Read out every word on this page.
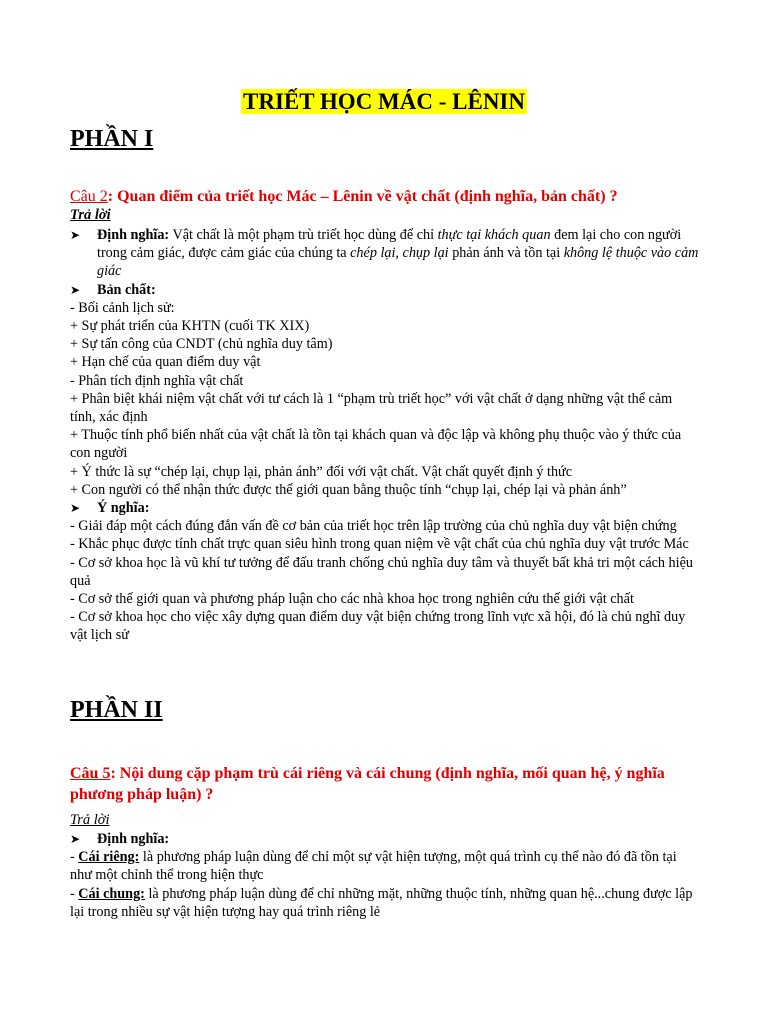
TRIẾT HỌC MÁC - LÊNIN
PHẦN I
Câu 2: Quan điểm của triết học Mác – Lênin về vật chất (định nghĩa, bản chất) ?
Trả lời

➤ Định nghĩa: Vật chất là một phạm trù triết học dùng để chỉ thực tại khách quan đem lại cho con người trong cảm giác, được cảm giác của chúng ta chép lại, chụp lại phản ánh và tồn tại không lệ thuộc vào cảm giác

➤ Bản chất:

- Bối cảnh lịch sử:

+ Sự phát triển của KHTN (cuối TK XIX)

+ Sự tấn công của CNDT (chủ nghĩa duy tâm)

+ Hạn chế của quan điểm duy vật

- Phân tích định nghĩa vật chất

+ Phân biệt khái niệm vật chất với tư cách là 1 “phạm trù triết học” với vật chất ở dạng những vật thể cảm tính, xác định

+ Thuộc tính phổ biến nhất của vật chất là tồn tại khách quan và độc lập và không phụ thuộc vào ý thức của con người

+ Ý thức là sự “chép lại, chụp lại, phản ánh” đối với vật chất. Vật chất quyết định ý thức

+ Con người có thể nhận thức được thế giới quan bằng thuộc tính “chụp lại, chép lại và phản ánh”

➤ Ý nghĩa:

- Giải đáp một cách đúng đắn vấn đề cơ bản của triết học trên lập trường của chủ nghĩa duy vật biện chứng

- Khắc phục được tính chất trực quan siêu hình trong quan niệm về vật chất của chủ nghĩa duy vật trước Mác

- Cơ sở khoa học là vũ khí tư tưởng để đấu tranh chống chủ nghĩa duy tâm và thuyết bất khả tri một cách hiệu quả

- Cơ sở thế giới quan và phương pháp luận cho các nhà khoa học trong nghiên cứu thế giới vật chất

- Cơ sở khoa học cho việc xây dựng quan điểm duy vật biện chứng trong lĩnh vực xã hội, đó là chủ nghĩ duy vật lịch sử

PHẦN II
Câu 5: Nội dung cặp phạm trù cái riêng và cái chung (định nghĩa, mối quan hệ, ý nghĩa phương pháp luận) ?
Trả lời

➤ Định nghĩa:

- Cái riêng: là phương pháp luận dùng để chỉ một sự vật hiện tượng, một quá trình cụ thể nào đó đã tồn tại như một chỉnh thể trong hiện thực

- Cái chung: là phương pháp luận dùng để chỉ những mặt, những thuộc tính, những quan hệ...chung được lập lại trong nhiều sự vật hiện tượng hay quá trình riêng lẻ
